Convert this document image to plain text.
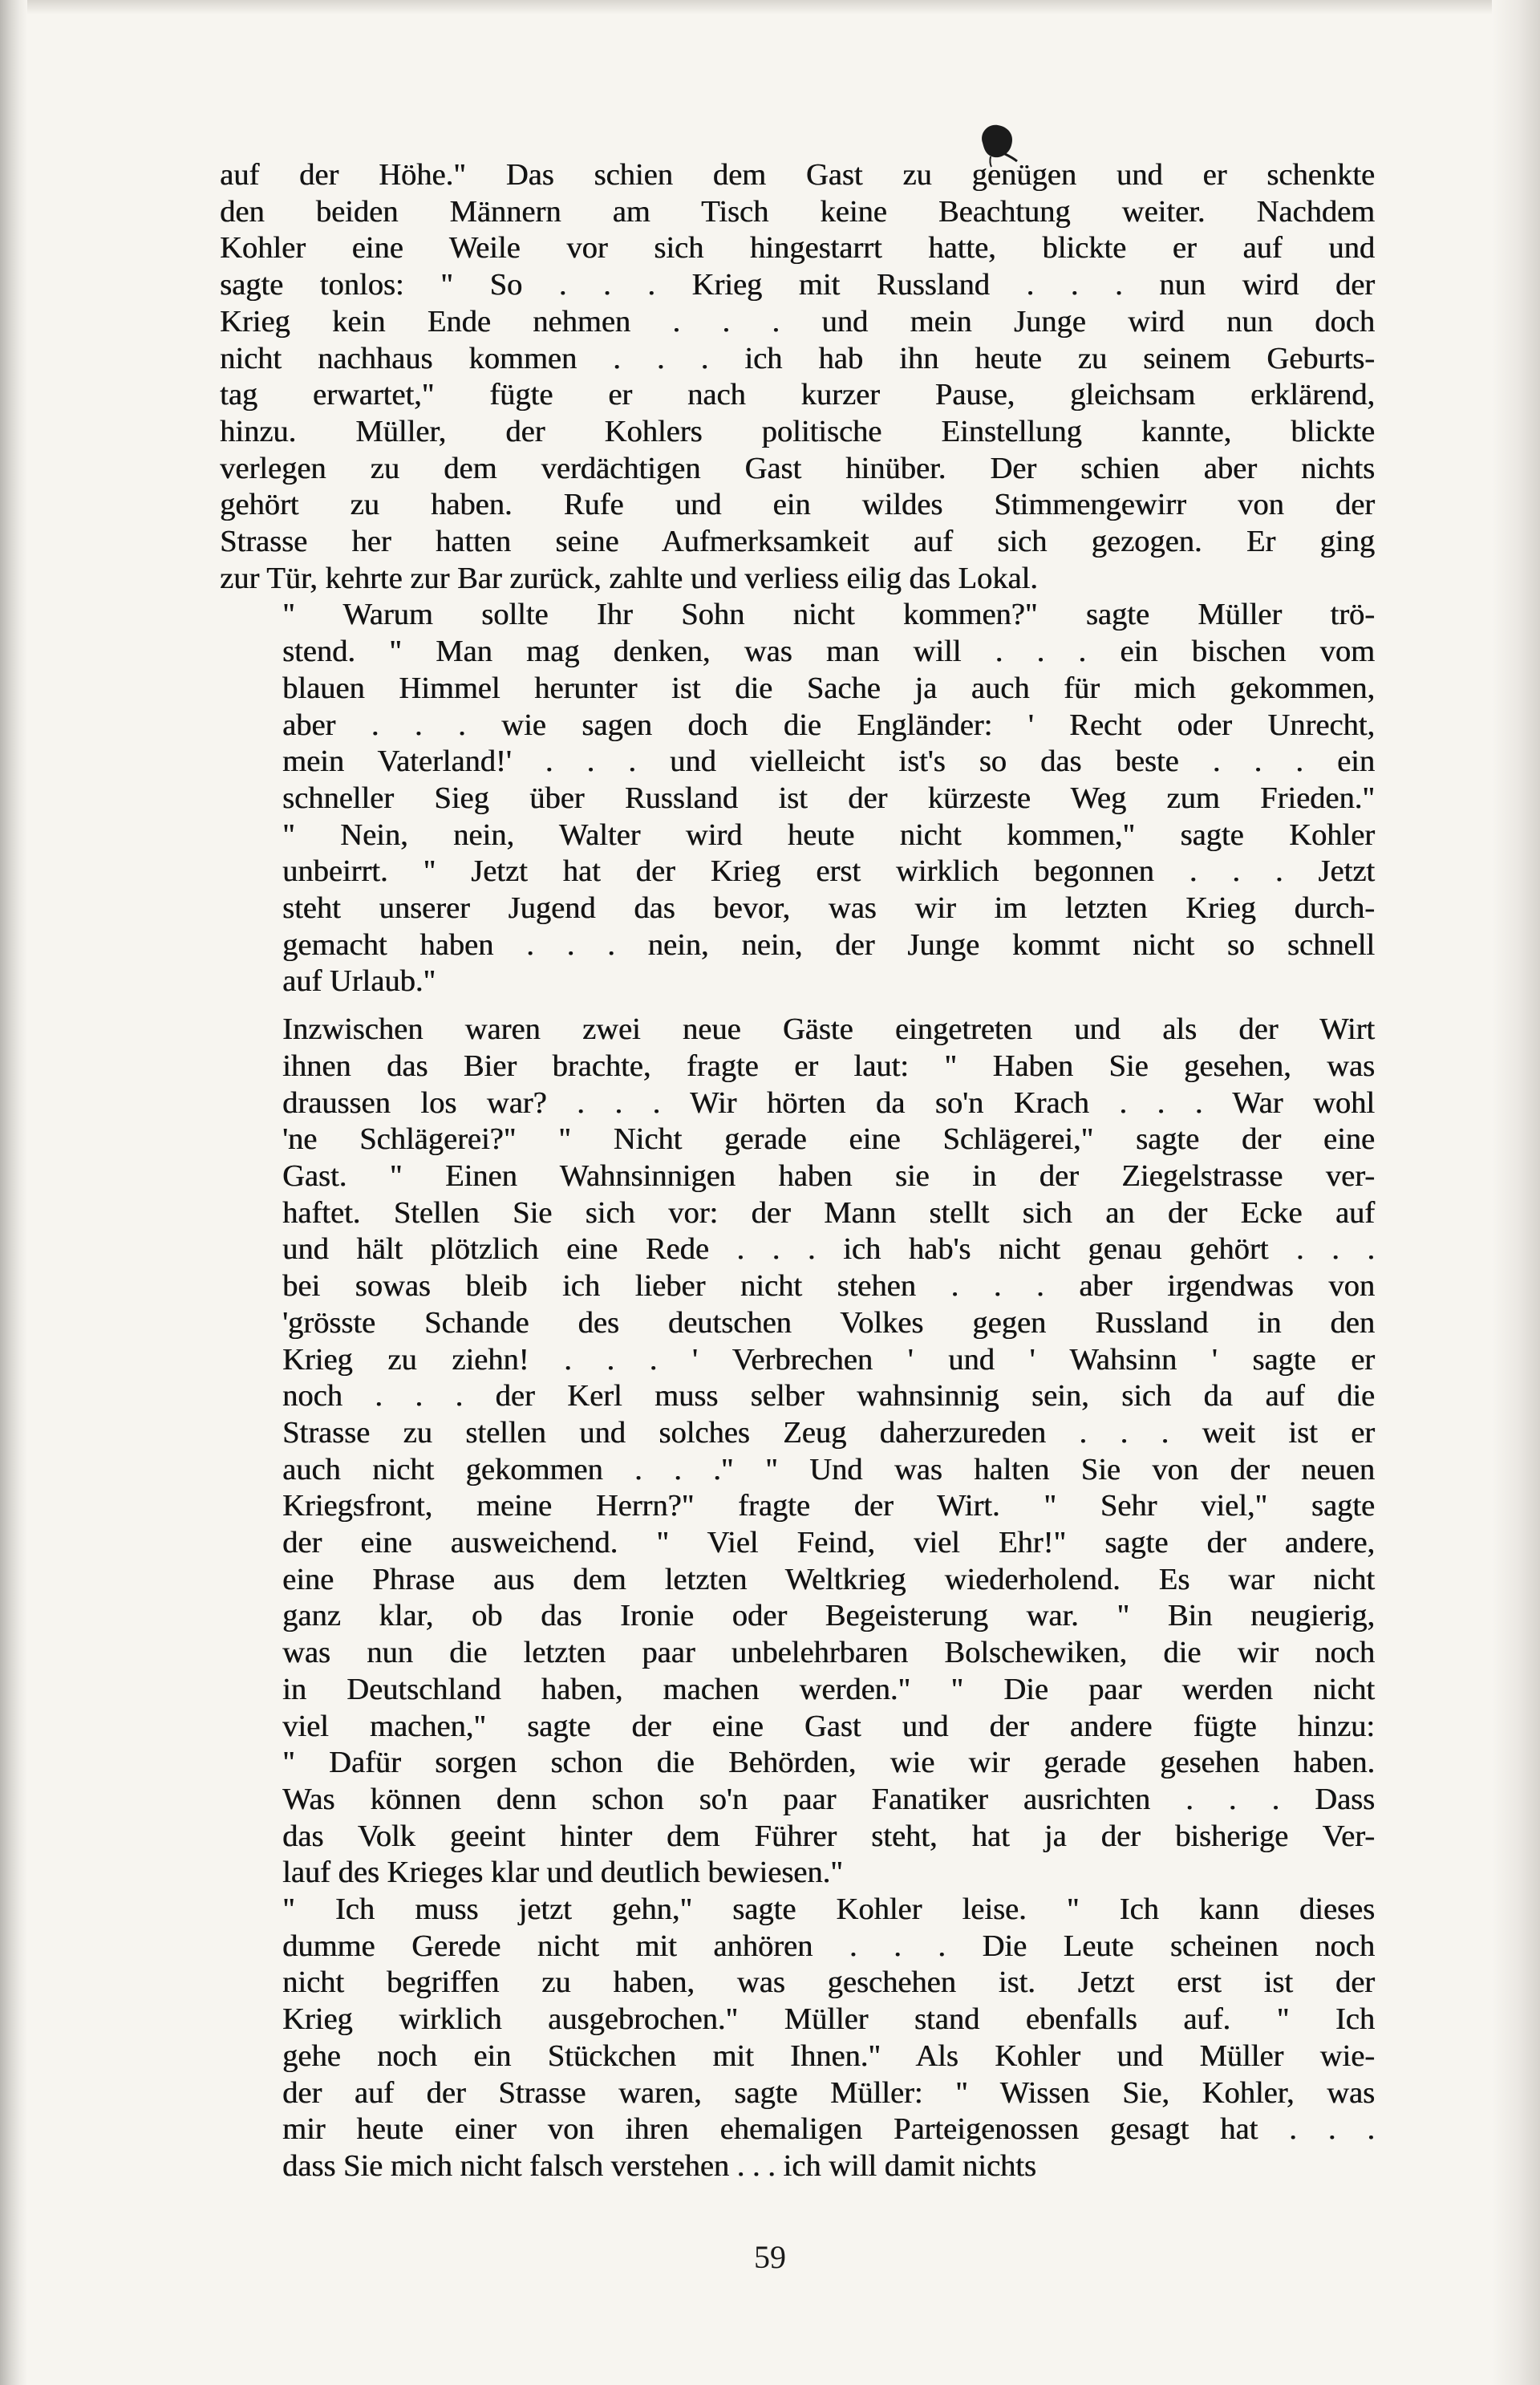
auf der Höhe." Das schien dem Gast zu genügen und er schenkte
den beiden Männern am Tisch keine Beachtung weiter. Nachdem
Kohler eine Weile vor sich hingestarrt hatte, blickte er auf und
sagte tonlos: " So . . . Krieg mit Russland . . . nun wird der
Krieg kein Ende nehmen . . . und mein Junge wird nun doch
nicht nachhaus kommen . . . ich hab ihn heute zu seinem Geburts-
tag erwartet," fügte er nach kurzer Pause, gleichsam erklärend,
hinzu. Müller, der Kohlers politische Einstellung kannte, blickte
verlegen zu dem verdächtigen Gast hinüber. Der schien aber nichts
gehört zu haben. Rufe und ein wildes Stimmengewirr von der
Strasse her hatten seine Aufmerksamkeit auf sich gezogen. Er ging
zur Tür, kehrte zur Bar zurück, zahlte und verliess eilig das Lokal.

" Warum sollte Ihr Sohn nicht kommen?" sagte Müller trö-
stend. " Man mag denken, was man will . . . ein bischen vom
blauen Himmel herunter ist die Sache ja auch für mich gekommen,
aber . . . wie sagen doch die Engländer: ' Recht oder Unrecht,
mein Vaterland!' . . . und vielleicht ist's so das beste . . . ein
schneller Sieg über Russland ist der kürzeste Weg zum Frieden."
" Nein, nein, Walter wird heute nicht kommen," sagte Kohler
unbeirrt. " Jetzt hat der Krieg erst wirklich begonnen . . . Jetzt
steht unserer Jugend das bevor, was wir im letzten Krieg durch-
gemacht haben . . . nein, nein, der Junge kommt nicht so schnell
auf Urlaub."

Inzwischen waren zwei neue Gäste eingetreten und als der Wirt
ihnen das Bier brachte, fragte er laut: " Haben Sie gesehen, was
draussen los war? . . . Wir hörten da so'n Krach . . . War wohl
'ne Schlägerei?" " Nicht gerade eine Schlägerei," sagte der eine
Gast. " Einen Wahnsinnigen haben sie in der Ziegelstrasse ver-
haftet. Stellen Sie sich vor: der Mann stellt sich an der Ecke auf
und hält plötzlich eine Rede . . . ich hab's nicht genau gehört . . .
bei sowas bleib ich lieber nicht stehen . . . aber irgendwas von
'grösste Schande des deutschen Volkes gegen Russland in den
Krieg zu ziehn! . . . ' Verbrechen ' und ' Wahsinn ' sagte er
noch . . . der Kerl muss selber wahnsinnig sein, sich da auf die
Strasse zu stellen und solches Zeug daherzureden . . . weit ist er
auch nicht gekommen . . ." " Und was halten Sie von der neuen
Kriegsfront, meine Herrn?" fragte der Wirt. " Sehr viel," sagte
der eine ausweichend. " Viel Feind, viel Ehr!" sagte der andere,
eine Phrase aus dem letzten Weltkrieg wiederholend. Es war nicht
ganz klar, ob das Ironie oder Begeisterung war. " Bin neugierig,
was nun die letzten paar unbelehrbaren Bolschewiken, die wir noch
in Deutschland haben, machen werden." " Die paar werden nicht
viel machen," sagte der eine Gast und der andere fügte hinzu:
" Dafür sorgen schon die Behörden, wie wir gerade gesehen haben.
Was können denn schon so'n paar Fanatiker ausrichten . . . Dass
das Volk geeint hinter dem Führer steht, hat ja der bisherige Ver-
lauf des Krieges klar und deutlich bewiesen."

" Ich muss jetzt gehn," sagte Kohler leise. " Ich kann dieses
dumme Gerede nicht mit anhören . . . Die Leute scheinen noch
nicht begriffen zu haben, was geschehen ist. Jetzt erst ist der
Krieg wirklich ausgebrochen." Müller stand ebenfalls auf. " Ich
gehe noch ein Stückchen mit Ihnen." Als Kohler und Müller wie-
der auf der Strasse waren, sagte Müller: " Wissen Sie, Kohler, was
mir heute einer von ihren ehemaligen Parteigenossen gesagt hat . . .
dass Sie mich nicht falsch verstehen . . . ich will damit nichts

59
